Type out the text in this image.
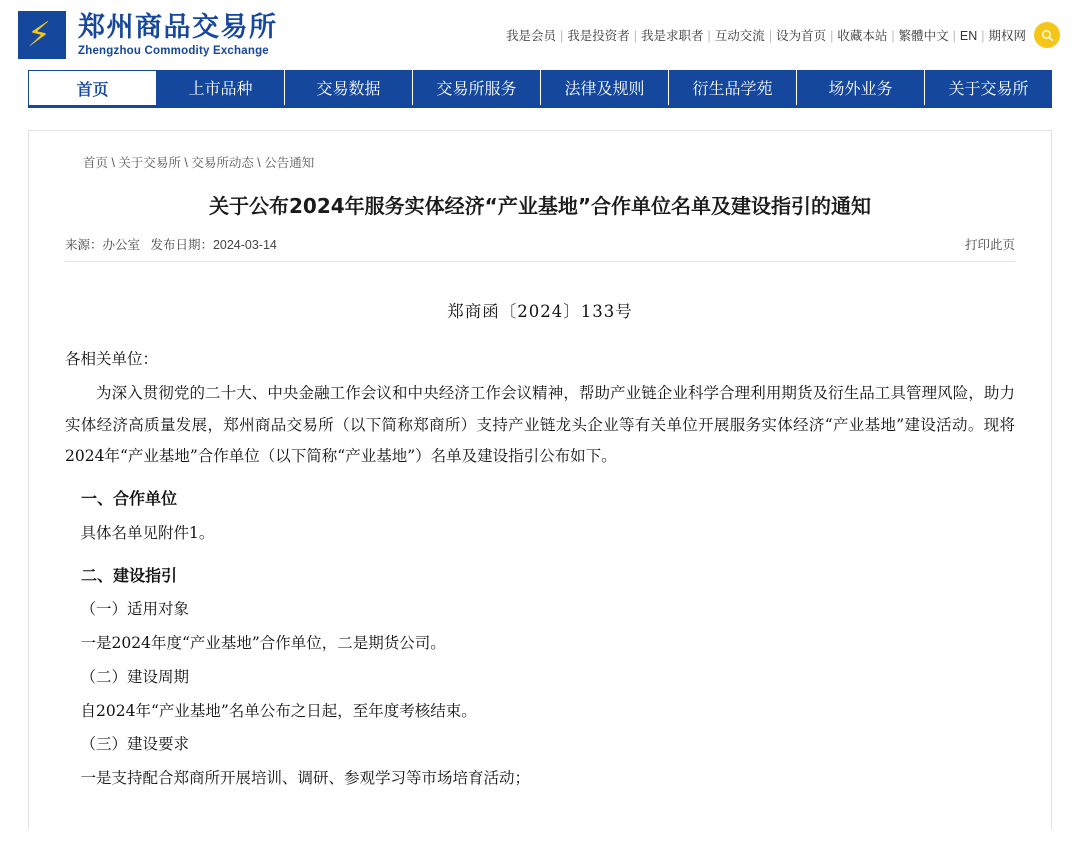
⚡ 郑州商品交易所
Zhengzhou Commodity Exchange
我是会员 | 我是投资者 | 我是求职者 | 互动交流 | 设为首页 | 收藏本站 | 繁體中文 | EN | 期权网
首页	上市品种	交易数据	交易所服务	法律及规则	衍生品学苑	场外业务	关于交易所
首页 \ 关于交易所 \ 交易所动态 \ 公告通知
关于公布2024年服务实体经济“产业基地”合作单位名单及建设指引的通知
来源：办公室 发布日期：2024-03-14	打印此页
郑商函〔2024〕133号

各相关单位：

为深入贯彻党的二十大、中央金融工作会议和中央经济工作会议精神，帮助产业链企业科学合理利用期货及衍生品工具管理风险，助力实体经济高质量发展，郑州商品交易所（以下简称郑商所）支持产业链龙头企业等有关单位开展服务实体经济“产业基地”建设活动。现将2024年“产业基地”合作单位（以下简称“产业基地”）名单及建设指引公布如下。

一、合作单位

具体名单见附件1。

二、建设指引

（一）适用对象

一是2024年度“产业基地”合作单位，二是期货公司。

（二）建设周期

自2024年“产业基地”名单公布之日起，至年度考核结束。

（三）建设要求

一是支持配合郑商所开展培训、调研、参观学习等市场培育活动；
